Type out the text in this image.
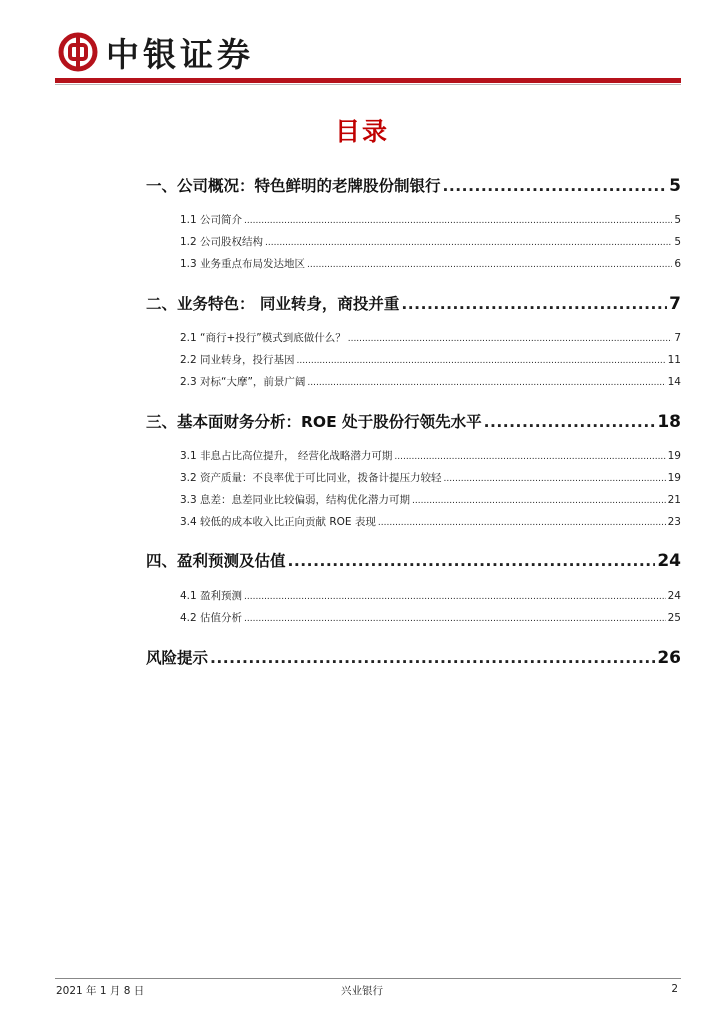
中银证券
目录
一、公司概况：特色鲜明的老牌股份制银行 .....	5
1.1 公司简介 .....	5
1.2 公司股权结构 .....	5
1.3 业务重点布局发达地区 .....	6
二、业务特色： 同业转身，商投并重 .....	7
2.1 “商行+投行”模式到底做什么？ .....	7
2.2 同业转身，投行基因 .....	11
2.3 对标“大摩”，前景广阔 .....	14
三、基本面财务分析：ROE 处于股份行领先水平 .....	18
3.1 非息占比高位提升， 经营化战略潜力可期 .....	19
3.2 资产质量：不良率优于可比同业，拨备计提压力较轻 .....	19
3.3 息差：息差同业比较偏弱，结构优化潜力可期 .....	21
3.4 较低的成本收入比正向贡献 ROE 表现 .....	23
四、盈利预测及估值 .....	24
4.1 盈利预测 .....	24
4.2 估值分析 .....	25
风险提示 .....	26
2021 年 1 月 8 日	兴业银行	2
